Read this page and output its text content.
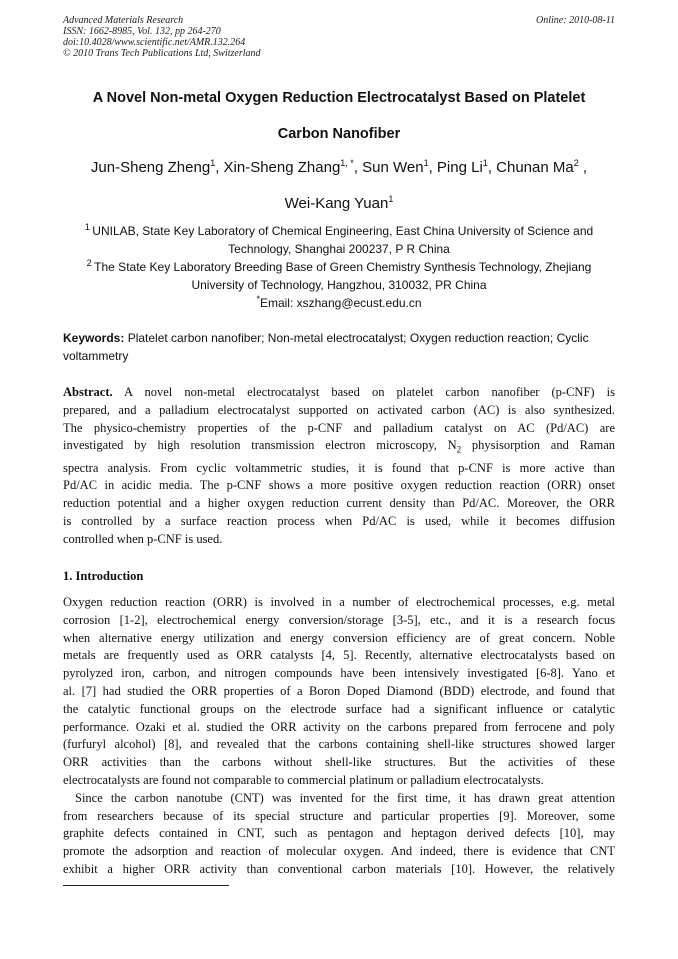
Advanced Materials Research
ISSN: 1662-8985, Vol. 132, pp 264-270
doi:10.4028/www.scientific.net/AMR.132.264
© 2010 Trans Tech Publications Ltd, Switzerland
Online: 2010-08-11
A Novel Non-metal Oxygen Reduction Electrocatalyst Based on Platelet
Carbon Nanofiber
Jun-Sheng Zheng$^1$, Xin-Sheng Zhang$^{1, *}$, Sun Wen$^1$, Ping Li$^1$, Chunan Ma$^2$ ,
Wei-Kang Yuan$^1$
$^1$ UNILAB, State Key Laboratory of Chemical Engineering, East China University of Science and
Technology, Shanghai 200237, P R China
$^2$ The State Key Laboratory Breeding Base of Green Chemistry Synthesis Technology, Zhejiang
University of Technology, Hangzhou, 310032, PR China
*Email: xszhang@ecust.edu.cn
Keywords: Platelet carbon nanofiber; Non-metal electrocatalyst; Oxygen reduction reaction; Cyclic voltammetry
Abstract. A novel non-metal electrocatalyst based on platelet carbon nanofiber (p-CNF) is
prepared, and a palladium electrocatalyst supported on activated carbon (AC) is also synthesized.
The physico-chemistry properties of the p-CNF and palladium catalyst on AC (Pd/AC) are
investigated by high resolution transmission electron microscopy, $N_2$ physisorption and Raman
spectra analysis. From cyclic voltammetric studies, it is found that p-CNF is more active than
Pd/AC in acidic media. The p-CNF shows a more positive oxygen reduction reaction (ORR) onset
reduction potential and a higher oxygen reduction current density than Pd/AC. Moreover, the ORR
is controlled by a surface reaction process when Pd/AC is used, while it becomes diffusion
controlled when p-CNF is used.
1. Introduction
Oxygen reduction reaction (ORR) is involved in a number of electrochemical processes, e.g. metal
corrosion [1-2], electrochemical energy conversion/storage [3-5], etc., and it is a research focus
when alternative energy utilization and energy conversion efficiency are of great concern. Noble
metals are frequently used as ORR catalysts [4, 5]. Recently, alternative electrocatalysts based on
pyrolyzed iron, carbon, and nitrogen compounds have been intensively investigated [6-8]. Yano et
al. [7] had studied the ORR properties of a Boron Doped Diamond (BDD) electrode, and found that
the catalytic functional groups on the electrode surface had a significant influence or catalytic
performance. Ozaki et al. studied the ORR activity on the carbons prepared from ferrocene and poly
(furfuryl alcohol) [8], and revealed that the carbons containing shell-like structures showed larger
ORR activities than the carbons without shell-like structures. But the activities of these
electrocatalysts are found not comparable to commercial platinum or palladium electrocatalysts.
Since the carbon nanotube (CNT) was invented for the first time, it has drawn great attention
from researchers because of its special structure and particular properties [9]. Moreover, some
graphite defects contained in CNT, such as pentagon and heptagon derived defects [10], may
promote the adsorption and reaction of molecular oxygen. And indeed, there is evidence that CNT
exhibit a higher ORR activity than conventional carbon materials [10]. However, the relatively
